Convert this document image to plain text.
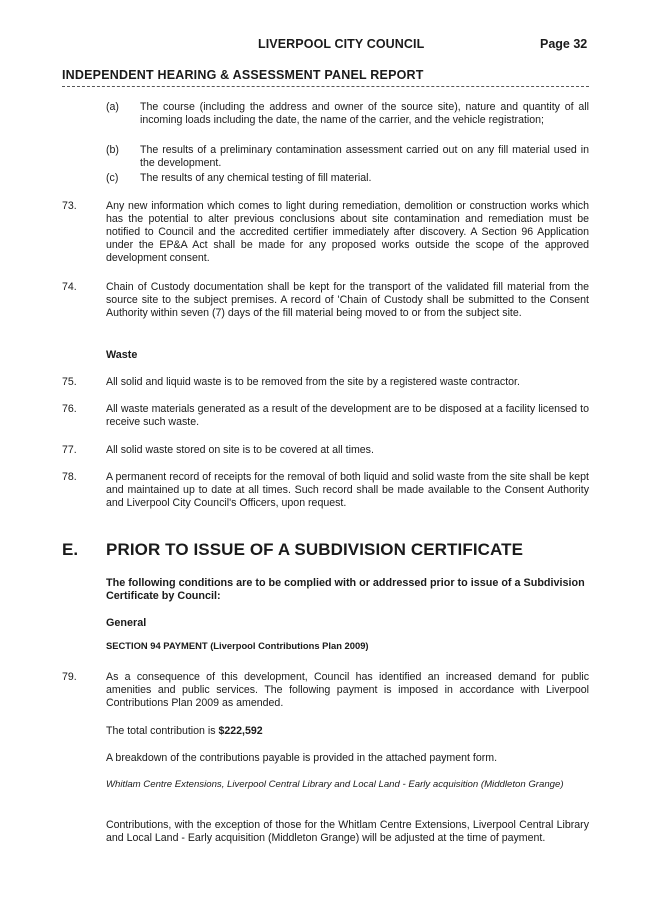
LIVERPOOL CITY COUNCIL	Page 32
INDEPENDENT HEARING & ASSESSMENT PANEL REPORT
(a) The course (including the address and owner of the source site), nature and quantity of all incoming loads including the date, the name of the carrier, and the vehicle registration;
(b) The results of a preliminary contamination assessment carried out on any fill material used in the development.
(c) The results of any chemical testing of fill material.
73.	Any new information which comes to light during remediation, demolition or construction works which has the potential to alter previous conclusions about site contamination and remediation must be notified to Council and the accredited certifier immediately after discovery. A Section 96 Application under the EP&A Act shall be made for any proposed works outside the scope of the approved development consent.
74.	Chain of Custody documentation shall be kept for the transport of the validated fill material from the source site to the subject premises. A record of 'Chain of Custody shall be submitted to the Consent Authority within seven (7) days of the fill material being moved to or from the subject site.
Waste
75.	All solid and liquid waste is to be removed from the site by a registered waste contractor.
76.	All waste materials generated as a result of the development are to be disposed at a facility licensed to receive such waste.
77.	All solid waste stored on site is to be covered at all times.
78.	A permanent record of receipts for the removal of both liquid and solid waste from the site shall be kept and maintained up to date at all times. Such record shall be made available to the Consent Authority and Liverpool City Council's Officers, upon request.
E. PRIOR TO ISSUE OF A SUBDIVISION CERTIFICATE
The following conditions are to be complied with or addressed prior to issue of a Subdivision Certificate by Council:
General
SECTION 94 PAYMENT (Liverpool Contributions Plan 2009)
79.	As a consequence of this development, Council has identified an increased demand for public amenities and public services. The following payment is imposed in accordance with Liverpool Contributions Plan 2009 as amended.
The total contribution is $222,592
A breakdown of the contributions payable is provided in the attached payment form.
Whitlam Centre Extensions, Liverpool Central Library and Local Land - Early acquisition (Middleton Grange)
Contributions, with the exception of those for the Whitlam Centre Extensions, Liverpool Central Library and Local Land - Early acquisition (Middleton Grange) will be adjusted at the time of payment.
